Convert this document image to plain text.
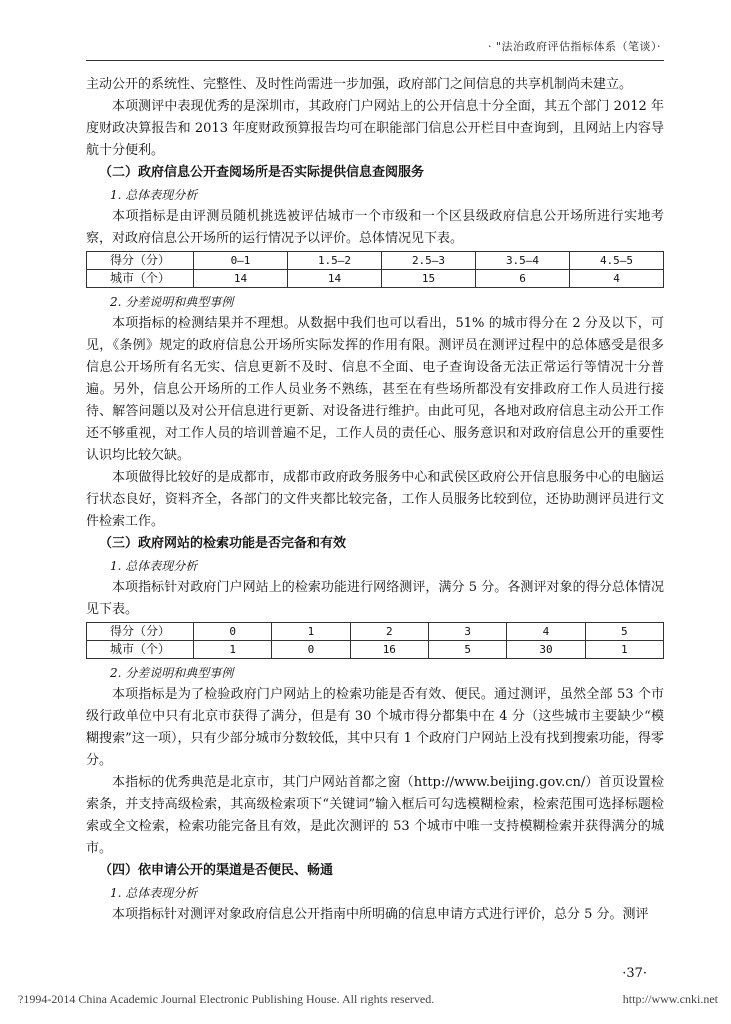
· "法治政府评估指标体系（笔谈）·

主动公开的系统性、完整性、及时性尚需进一步加强，政府部门之间信息的共享机制尚未建立。

本项测评中表现优秀的是深圳市，其政府门户网站上的公开信息十分全面，其五个部门 2012 年度财政决算报告和 2013 年度财政预算报告均可在职能部门信息公开栏目中查询到，且网站上内容导航十分便利。

（二）政府信息公开查阅场所是否实际提供信息查阅服务

1. 总体表现分析

本项指标是由评测员随机挑选被评估城市一个市级和一个区县级政府信息公开场所进行实地考察，对政府信息公开场所的运行情况予以评价。总体情况见下表。

得分（分）	0—1	1.5—2	2.5—3	3.5—4	4.5—5
城市（个）	14	14	15	6	4

2. 分差说明和典型事例

本项指标的检测结果并不理想。从数据中我们也可以看出，51% 的城市得分在 2 分及以下，可见，《条例》规定的政府信息公开场所实际发挥的作用有限。测评员在测评过程中的总体感受是很多信息公开场所有名无实、信息更新不及时、信息不全面、电子查询设备无法正常运行等情况十分普遍。另外，信息公开场所的工作人员业务不熟练，甚至在有些场所都没有安排政府工作人员进行接待、解答问题以及对公开信息进行更新、对设备进行维护。由此可见，各地对政府信息主动公开工作还不够重视，对工作人员的培训普遍不足，工作人员的责任心、服务意识和对政府信息公开的重要性认识均比较欠缺。

本项做得比较好的是成都市，成都市政府政务服务中心和武侯区政府公开信息服务中心的电脑运行状态良好，资料齐全，各部门的文件夹都比较完备，工作人员服务比较到位，还协助测评员进行文件检索工作。

（三）政府网站的检索功能是否完备和有效

1. 总体表现分析

本项指标针对政府门户网站上的检索功能进行网络测评，满分 5 分。各测评对象的得分总体情况见下表。

得分（分）	0	1	2	3	4	5
城市（个）	1	0	16	5	30	1

2. 分差说明和典型事例

本项指标是为了检验政府门户网站上的检索功能是否有效、便民。通过测评，虽然全部 53 个市级行政单位中只有北京市获得了满分，但是有 30 个城市得分都集中在 4 分（这些城市主要缺少“模糊搜索”这一项），只有少部分城市分数较低，其中只有 1 个政府门户网站上没有找到搜索功能，得零分。

本指标的优秀典范是北京市，其门户网站首都之窗（http://www.beijing.gov.cn/）首页设置检索条，并支持高级检索，其高级检索项下“关键词”输入框后可勾选模糊检索，检索范围可选择标题检索或全文检索，检索功能完备且有效，是此次测评的 53 个城市中唯一支持模糊检索并获得满分的城市。

（四）依申请公开的渠道是否便民、畅通

1. 总体表现分析

本项指标针对测评对象政府信息公开指南中所明确的信息申请方式进行评价，总分 5 分。测评

·37·
?1994-2014 China Academic Journal Electronic Publishing House. All rights reserved.	http://www.cnki.net
